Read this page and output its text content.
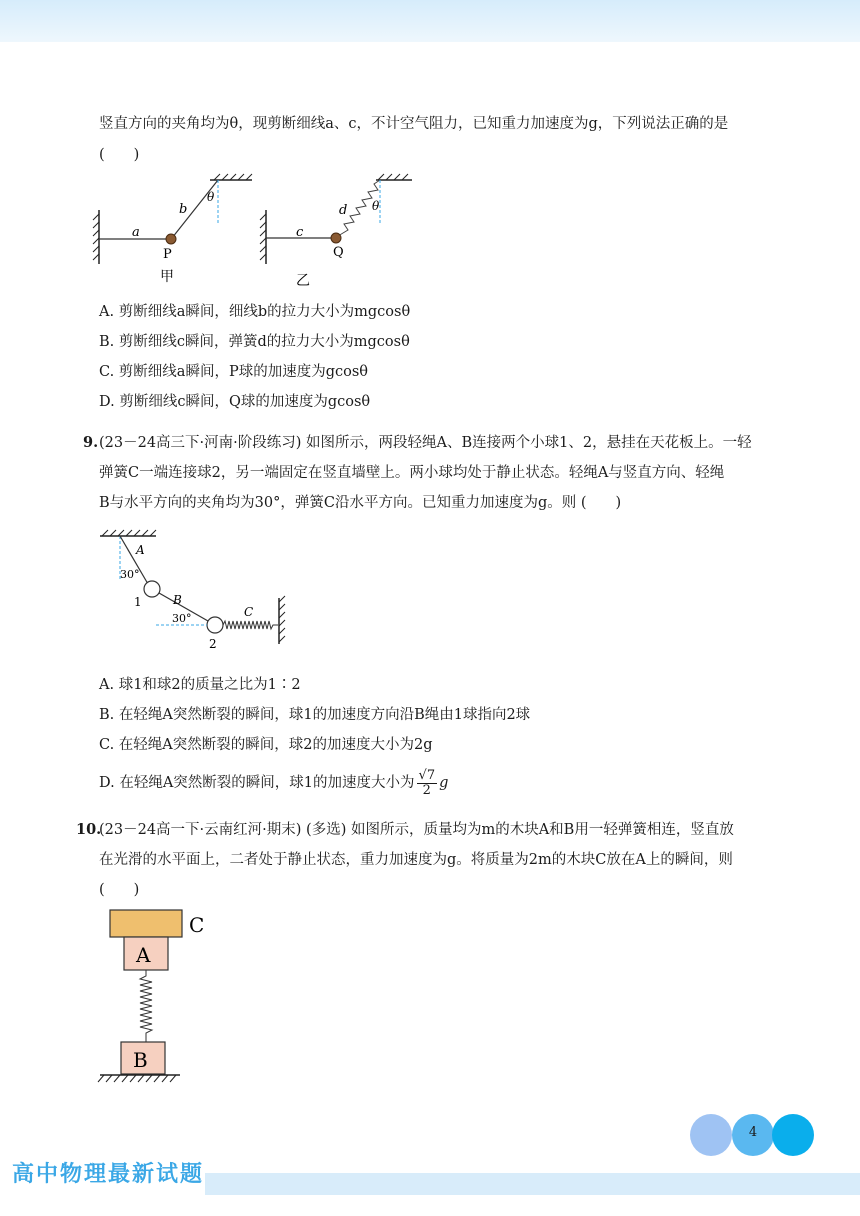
竖直方向的夹角均为θ，现剪断细线a、c，不计空气阻力，已知重力加速度为g，下列说法正确的是
(　　)
a
b
θ
P
甲
c
d θ
Q
乙
A. 剪断细线a瞬间，细线b的拉力大小为mgcosθ
B. 剪断细线c瞬间，弹簧d的拉力大小为mgcosθ
C. 剪断细线a瞬间，P球的加速度为gcosθ
D. 剪断细线c瞬间，Q球的加速度为gcosθ
9. (23－24高三下·河南·阶段练习) 如图所示，两段轻绳A、B连接两个小球1、2，悬挂在天花板上。一轻
弹簧C一端连接球2，另一端固定在竖直墙壁上。两小球均处于静止状态。轻绳A与竖直方向、轻绳
B与水平方向的夹角均为30°，弹簧C沿水平方向。已知重力加速度为g。则 (　　)
A
30°
1	B
30°	C
2
A. 球1和球2的质量之比为1∶2
B. 在轻绳A突然断裂的瞬间，球1的加速度方向沿B绳由1球指向2球
C. 在轻绳A突然断裂的瞬间，球2的加速度大小为2g
D. 在轻绳A突然断裂的瞬间，球1的加速度大小为 $\frac{√7}{2}$ g
10.
(23－24高一下·云南红河·期末) (多选) 如图所示，质量均为m的木块A和B用一轻弹簧相连，竖直放
在光滑的水平面上，二者处于静止状态，重力加速度为g。将质量为2m的木块C放在A上的瞬间，则
(　　)
C
A
B
4
高中物理最新试题
